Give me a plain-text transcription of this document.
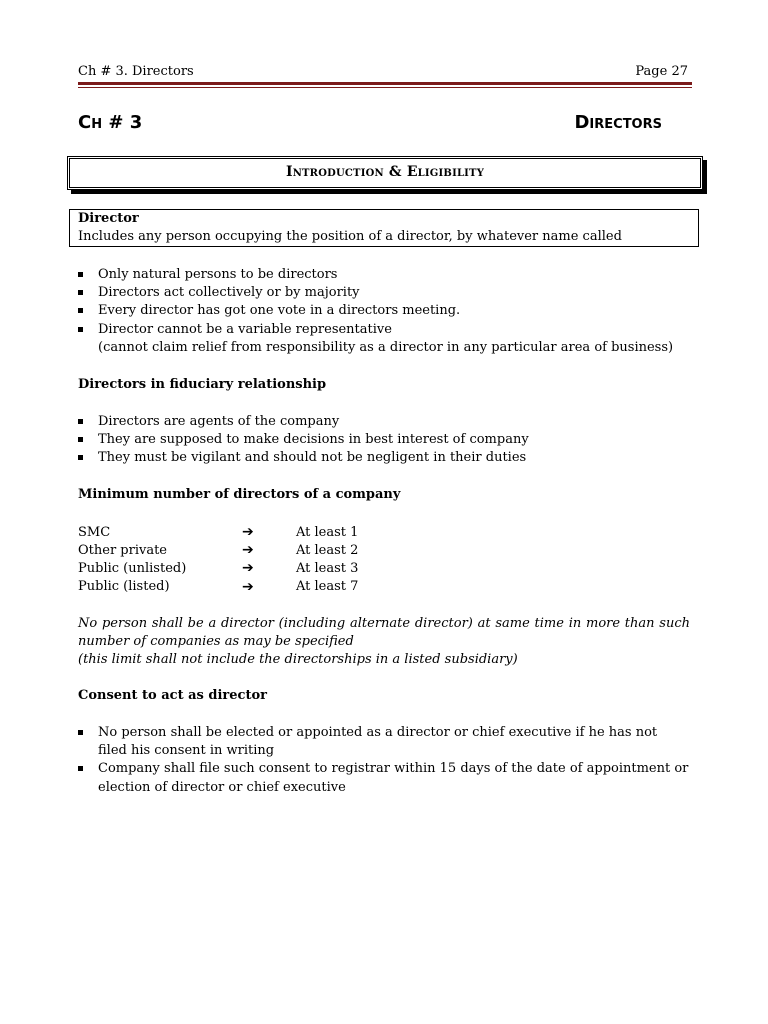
Ch # 3. Directors	Page 27
Ch # 3	Directors
Introduction & Eligibility
Director
Includes any person occupying the position of a director, by whatever name called
Only natural persons to be directors
Directors act collectively or by majority
Every director has got one vote in a directors meeting.
Director cannot be a variable representative
(cannot claim relief from responsibility as a director in any particular area of business)
Directors in fiduciary relationship
Directors are agents of the company
They are supposed to make decisions in best interest of company
They must be vigilant and should not be negligent in their duties
Minimum number of directors of a company
SMC	➔	At least 1
Other private	➔	At least 2
Public (unlisted)	➔	At least 3
Public (listed)	➔	At least 7
No person shall be a director (including alternate director) at same time in more than such number of companies as may be specified
(this limit shall not include the directorships in a listed subsidiary)
Consent to act as director
No person shall be elected or appointed as a director or chief executive if he has not filed his consent in writing
Company shall file such consent to registrar within 15 days of the date of appointment or election of director or chief executive
